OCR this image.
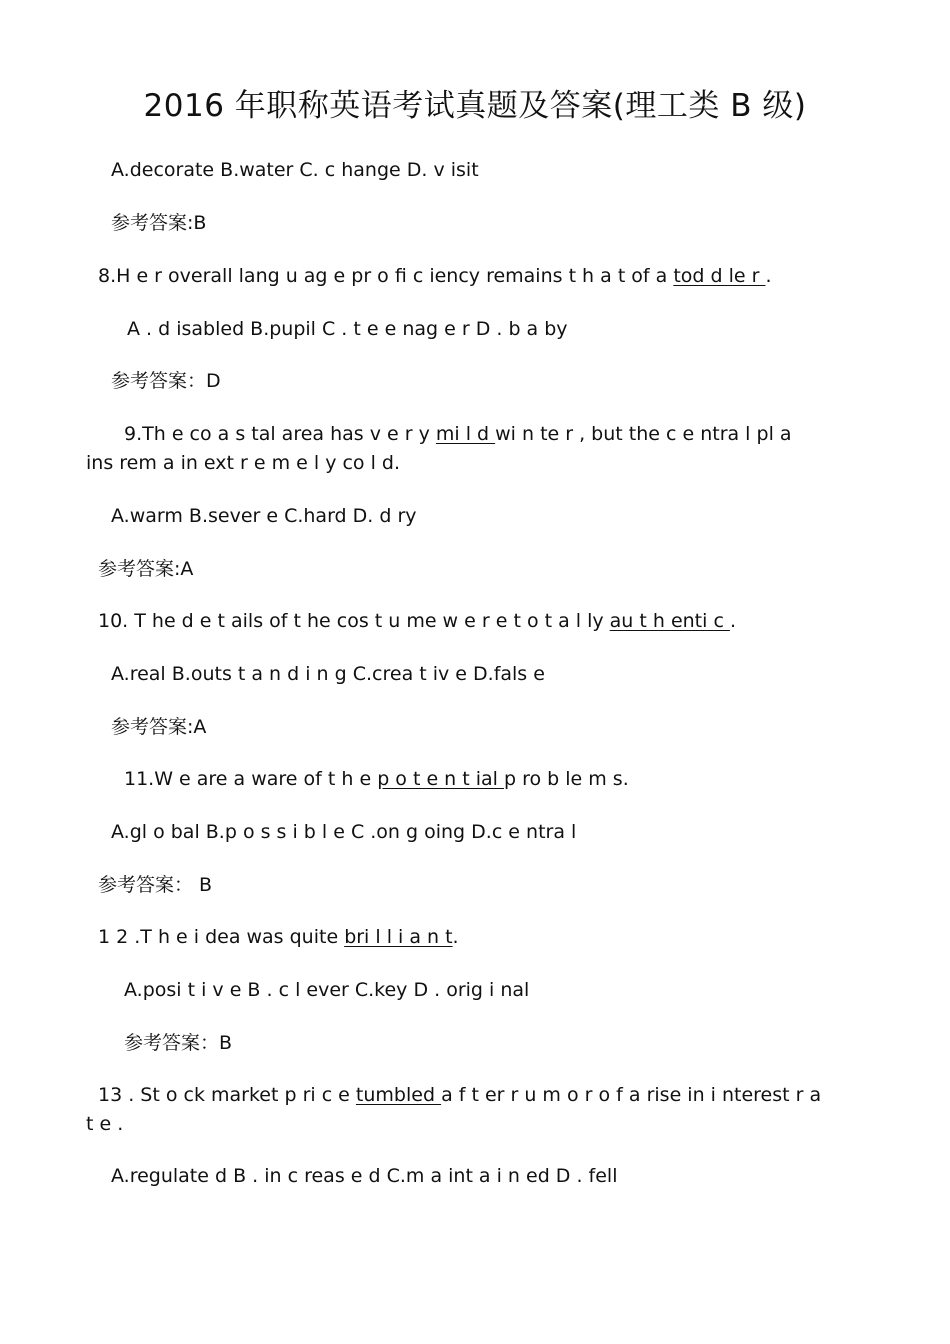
2016 年职称英语考试真题及答案(理工类 B 级)
A.decorate B.water C. c hange D. v isit
参考答案:B
8.H e r overall lang u ag e pr o fi c iency remains t h a t of a tod d le r .
A . d isabled B.pupil C . t e e nag e r D . b a by
参考答案：D
9.Th e co a s tal area has v e r y mi l d wi n te r , but the c e ntra l pl a
ins rem a in ext r e m e l y co l d.
A.warm B.sever e C.hard D. d ry
参考答案:A
10. T he d e t ails of t he cos t u me w e r e t o t a l ly au t h enti c .
A.real B.outs t a n d i n g C.crea t iv e D.fals e
参考答案:A
11.W e are a ware of t h e p o t e n t ial p ro b le m s.
A.gl o bal B.p o s s i b l e C .on g oing D.c e ntra l
参考答案： B
1 2 .T h e i dea was quite bri l l i a n t.
A.posi t i v e B . c l ever C.key D . orig i nal
参考答案：B
13 . St o ck market p ri c e tumbled a f t er r u m o r o f a rise in i nterest r a
t e .
A.regulate d B . in c reas e d C.m a int a i n ed D . fell
